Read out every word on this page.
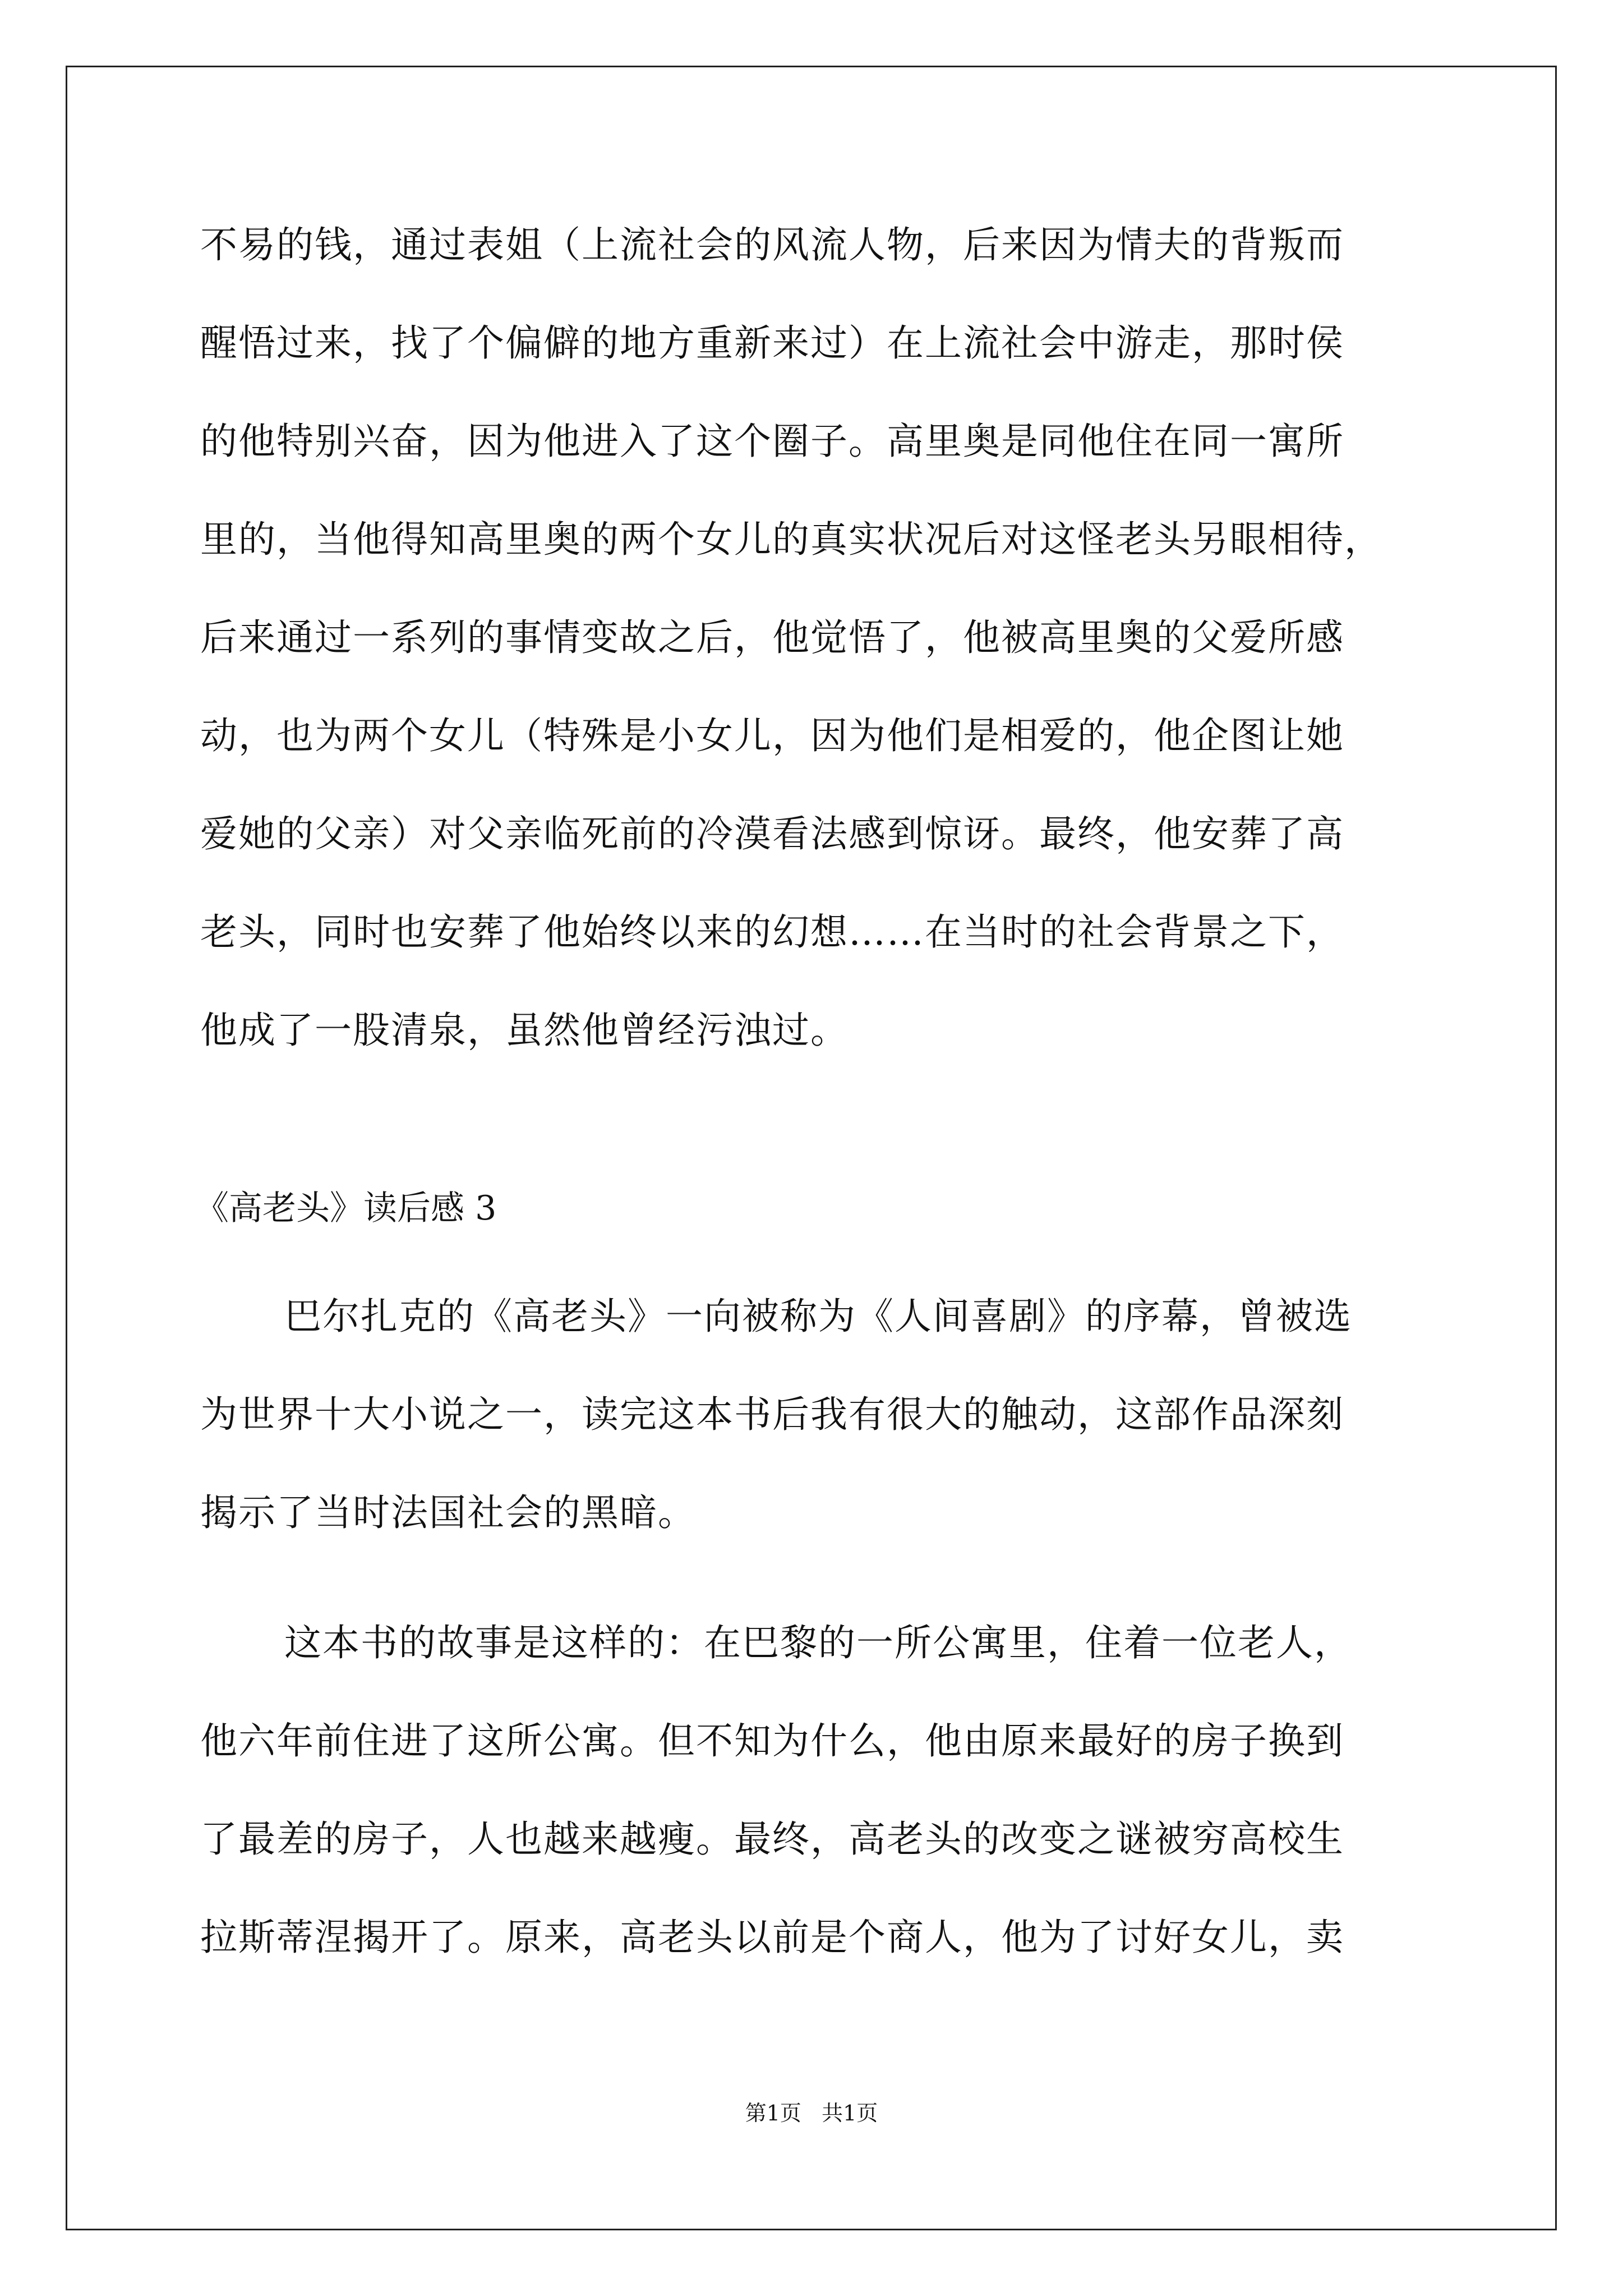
不易的钱，通过表姐（上流社会的风流人物，后来因为情夫的背叛而
醒悟过来，找了个偏僻的地方重新来过）在上流社会中游走，那时侯
的他特别兴奋，因为他进入了这个圈子。高里奥是同他住在同一寓所
里的，当他得知高里奥的两个女儿的真实状况后对这怪老头另眼相待，
后来通过一系列的事情变故之后，他觉悟了，他被高里奥的父爱所感
动，也为两个女儿（特殊是小女儿，因为他们是相爱的，他企图让她
爱她的父亲）对父亲临死前的冷漠看法感到惊讶。最终，他安葬了高
老头，同时也安葬了他始终以来的幻想……在当时的社会背景之下，
他成了一股清泉，虽然他曾经污浊过。
《高老头》读后感 3
巴尔扎克的《高老头》一向被称为《人间喜剧》的序幕，曾被选
为世界十大小说之一，读完这本书后我有很大的触动，这部作品深刻
揭示了当时法国社会的黑暗。
这本书的故事是这样的：在巴黎的一所公寓里，住着一位老人，
他六年前住进了这所公寓。但不知为什么，他由原来最好的房子换到
了最差的房子，人也越来越瘦。最终，高老头的改变之谜被穷高校生
拉斯蒂涅揭开了。原来，高老头以前是个商人，他为了讨好女儿，卖
第1页   共1页
